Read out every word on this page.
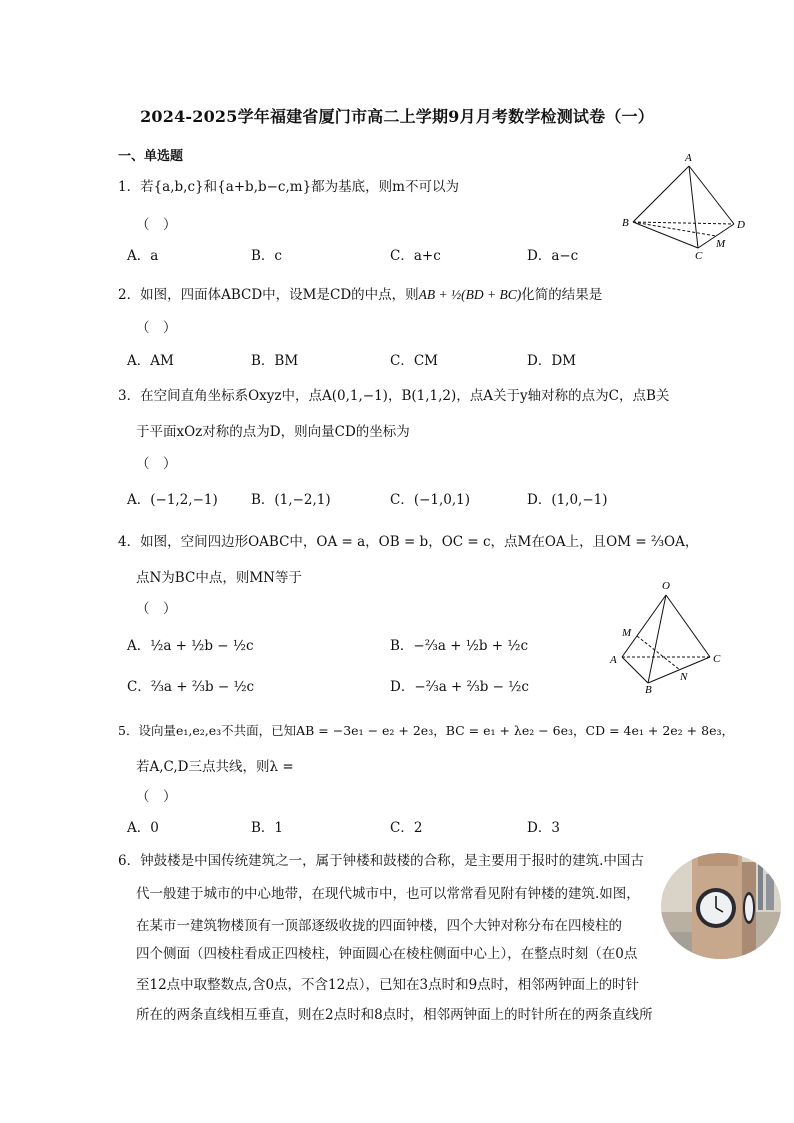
2024-2025学年福建省厦门市高二上学期9月月考数学检测试卷（一）
一、单选题
1．若{a,b,c}和{a+b,b−c,m}都为基底，则m不可以为
（　）
A．a	B．c	C．a+c	D．a−c
A
B
C
D
M
2．如图，四面体ABCD中，设M是CD的中点，则AB + ½(BD + BC)化简的结果是
（　）
A．AM	B．BM	C．CM	D．DM
3．在空间直角坐标系Oxyz中，点A(0,1,−1)，B(1,1,2)，点A关于y轴对称的点为C，点B关
于平面xOz对称的点为D，则向量CD的坐标为
（　）
A．(−1,2,−1) B．(1,−2,1)	C．(−1,0,1)	D．(1,0,−1)
4．如图，空间四边形OABC中，OA = a，OB = b，OC = c，点M在OA上，且OM = ⅔OA，
点N为BC中点，则MN等于
（　）
A．½a + ½b − ½c	B．−⅔a + ½b + ½c
C．⅔a + ⅔b − ½c	D．−⅔a + ⅔b − ½c
O
M
A
B
C
N
5．设向量e₁,e₂,e₃不共面，已知AB = −3e₁ − e₂ + 2e₃，BC = e₁ + λe₂ − 6e₃，CD = 4e₁ + 2e₂ + 8e₃，
若A,C,D三点共线，则λ =
（　）
A．0	B．1	C．2	D．3
6．钟鼓楼是中国传统建筑之一，属于钟楼和鼓楼的合称，是主要用于报时的建筑.中国古
代一般建于城市的中心地带，在现代城市中，也可以常常看见附有钟楼的建筑.如图，
在某市一建筑物楼顶有一顶部逐级收拢的四面钟楼，四个大钟对称分布在四棱柱的
四个侧面（四棱柱看成正四棱柱，钟面圆心在棱柱侧面中心上），在整点时刻（在0点
至12点中取整数点,含0点，不含12点），已知在3点时和9点时，相邻两钟面上的时针
所在的两条直线相互垂直，则在2点时和8点时，相邻两钟面上的时针所在的两条直线所
